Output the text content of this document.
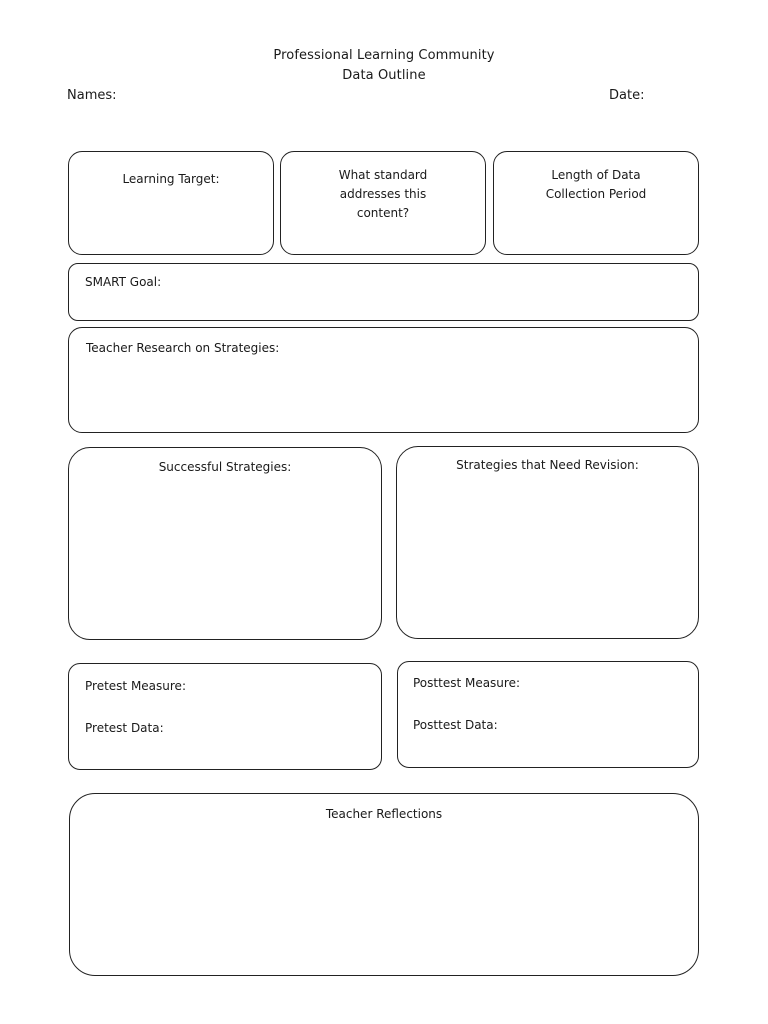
Professional Learning Community
Data Outline
Names:	Date:
Learning Target:	What standard
addresses this
content?
Length of Data
Collection Period
SMART Goal:
Teacher Research on Strategies:
Successful Strategies:	Strategies that Need Revision:
Pretest Measure:
Pretest Data:
Posttest Measure:
Posttest Data:
Teacher Reflections
